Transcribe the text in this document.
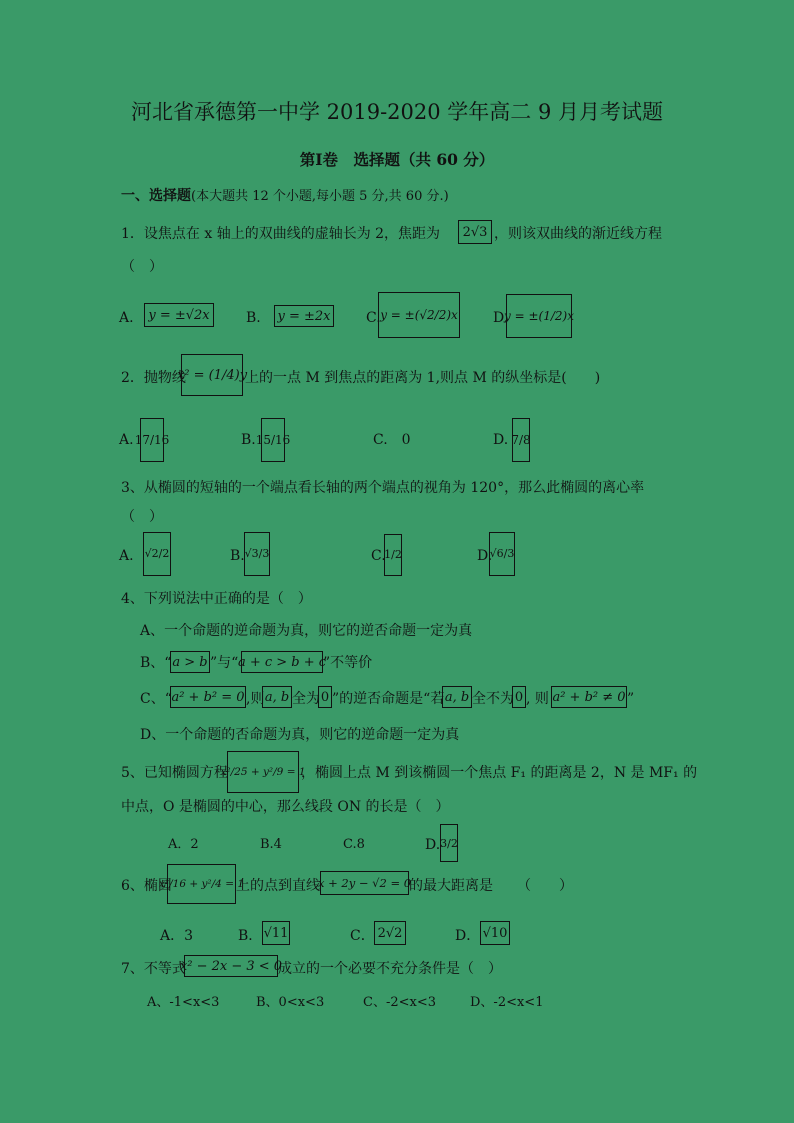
河北省承德第一中学 2019-2020 学年高二 9 月月考试题
第Ⅰ卷　选择题（共 60 分）
一、选择题(本大题共 12 个小题,每小题 5 分,共 60 分.)
1．设焦点在 x 轴上的双曲线的虚轴长为 2，焦距为	2√3 ，则该双曲线的渐近线方程
（　）
A.	y = ±√2x	B. y = ±2x	C. y = ±(√2/2)x	D.
y = ±(1/2)x
2．抛物线
x² = (1/4)y
上的一点 M 到焦点的距离为 1,则点 M 的纵坐标是(　　)
A. 17/16	B. 15/16	C.　0	D. 7/8
3、从椭圆的短轴的一个端点看长轴的两个端点的视角为 120°，那么此椭圆的离心率
（　）
A. √2/2	B. √3/3	C.
1/2	D.
√6/3
4、下列说法中正确的是（　）
A、一个命题的逆命题为真，则它的逆否命题一定为真
B、“ a > b ”与“ a + c > b + c
”不等价
C、“ a² + b² = 0 ,则 a, b 全为 0 ”的逆否命题是“若 a, b 全不为 0 , 则 a² + b² ≠ 0 ”
D、一个命题的否命题为真，则它的逆命题一定为真
5、已知椭圆方程
x²/25 + y²/9 = 1
，椭圆上点 M 到该椭圆一个焦点 F₁ 的距离是 2，N 是 MF₁ 的
中点，O 是椭圆的中心，那么线段 ON 的长是（　）
A．2	B.4	C.8	D. 3/2
6、椭圆
x²/16 + y²/4 = 1
上的点到直线
x + 2y − √2 = 0
的最大距离是 （　　）
A．3	B． √11	C． 2√2	D． √10
7、不等式
x² − 2x − 3 < 0
成立的一个必要不充分条件是（　）
A、-1<x<3	B、0<x<3	C、-2<x<3	D、-2<x<1
